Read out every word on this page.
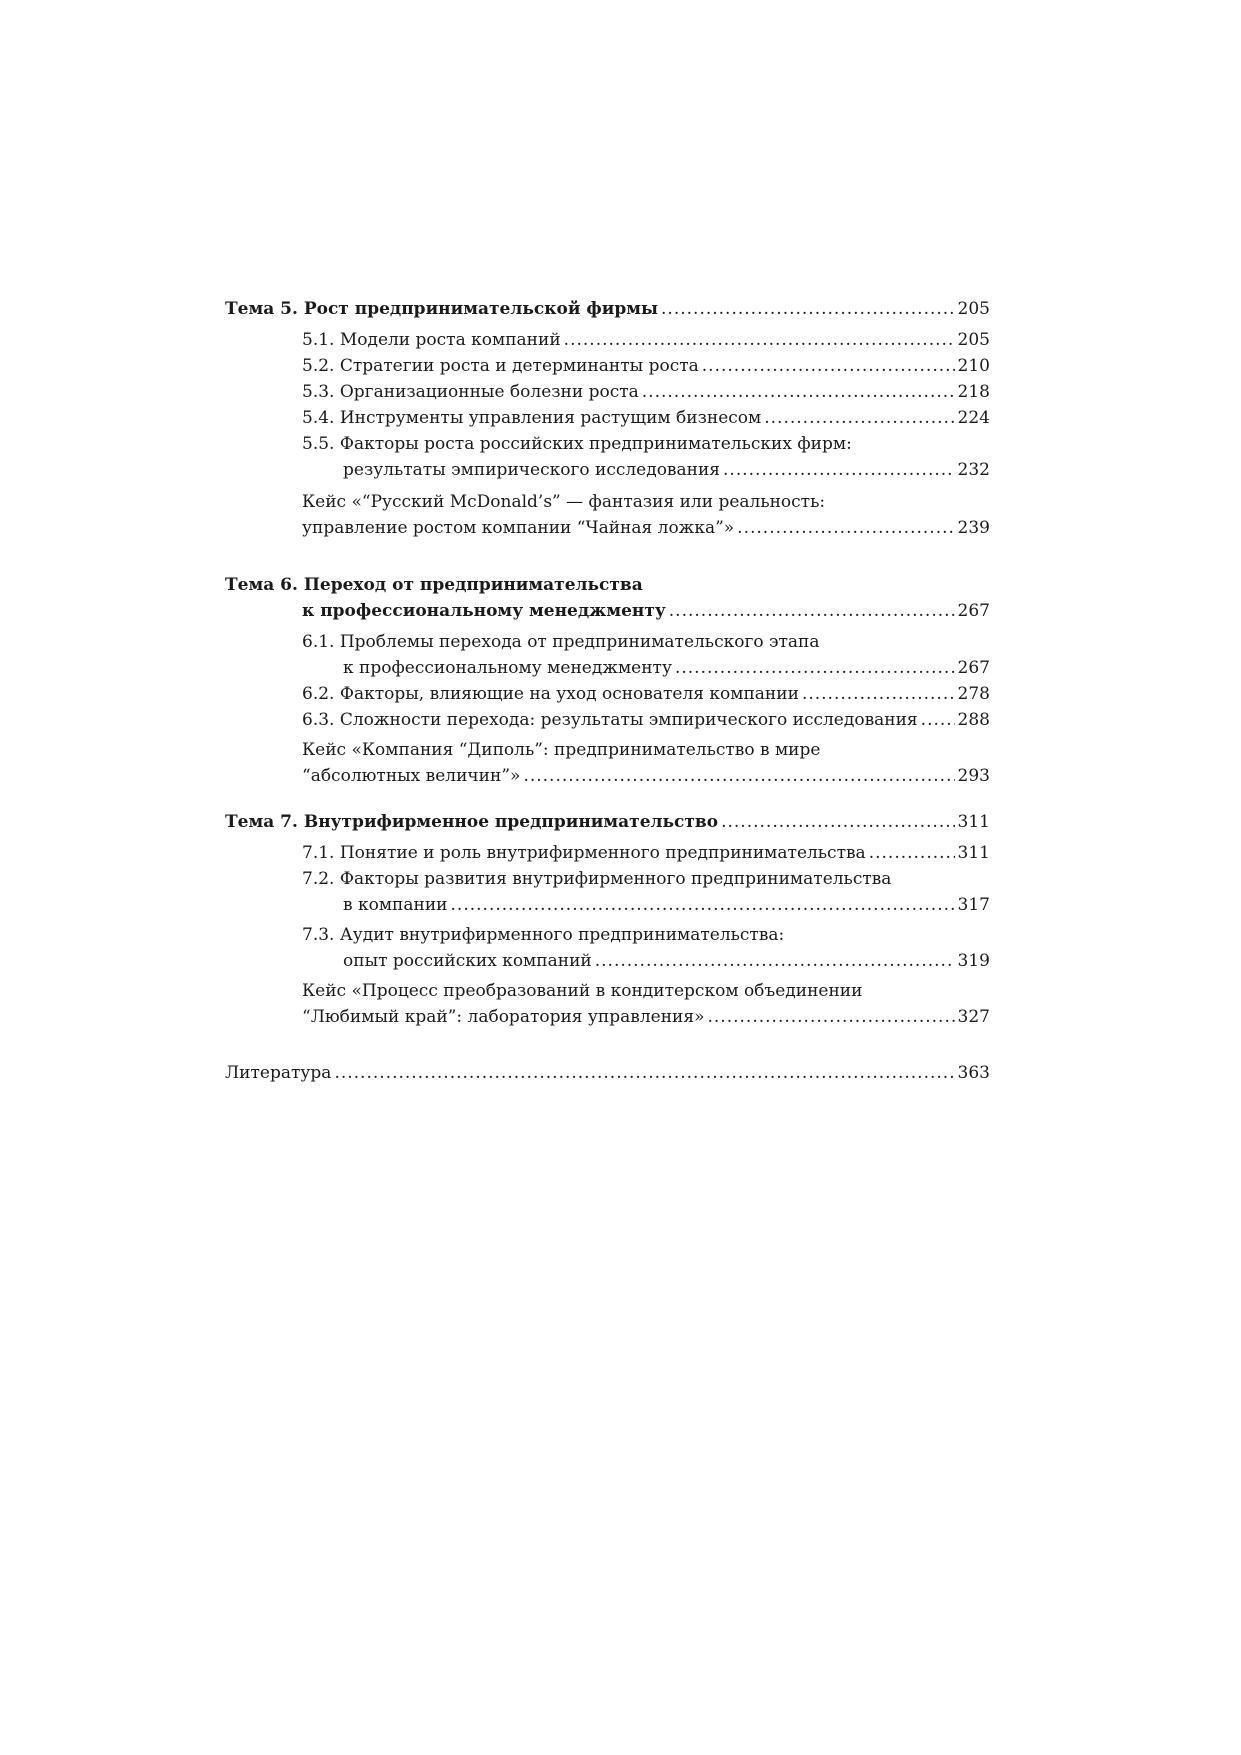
Тема 5. Рост предпринимательской фирмы .....	205
5.1. Модели роста компаний .....	205
5.2. Стратегии роста и детерминанты роста .....	210
5.3. Организационные болезни роста .....	218
5.4. Инструменты управления растущим бизнесом .....	224
5.5. Факторы роста российских предпринимательских фирм:
результаты эмпирического исследования .....	232
Кейс «“Русский McDonald’s” — фантазия или реальность:
управление ростом компании “Чайная ложка”» .....	239
Тема 6. Переход от предпринимательства
к профессиональному менеджменту .....	267
6.1. Проблемы перехода от предпринимательского этапа
к профессиональному менеджменту .....	267
6.2. Факторы, влияющие на уход основателя компании .....	278
6.3. Сложности перехода: результаты эмпирического исследования ..... 288
Кейс «Компания “Диполь”: предпринимательство в мире
“абсолютных величин”» .....	293
Тема 7. Внутрифирменное предпринимательство .....	311
7.1. Понятие и роль внутрифирменного предпринимательства .....	311
7.2. Факторы развития внутрифирменного предпринимательства
в компании .....	317
7.3. Аудит внутрифирменного предпринимательства:
опыт российских компаний .....	319
Кейс «Процесс преобразований в кондитерском объединении
“Любимый край”: лаборатория управления» .....	327
Литература .....	363
